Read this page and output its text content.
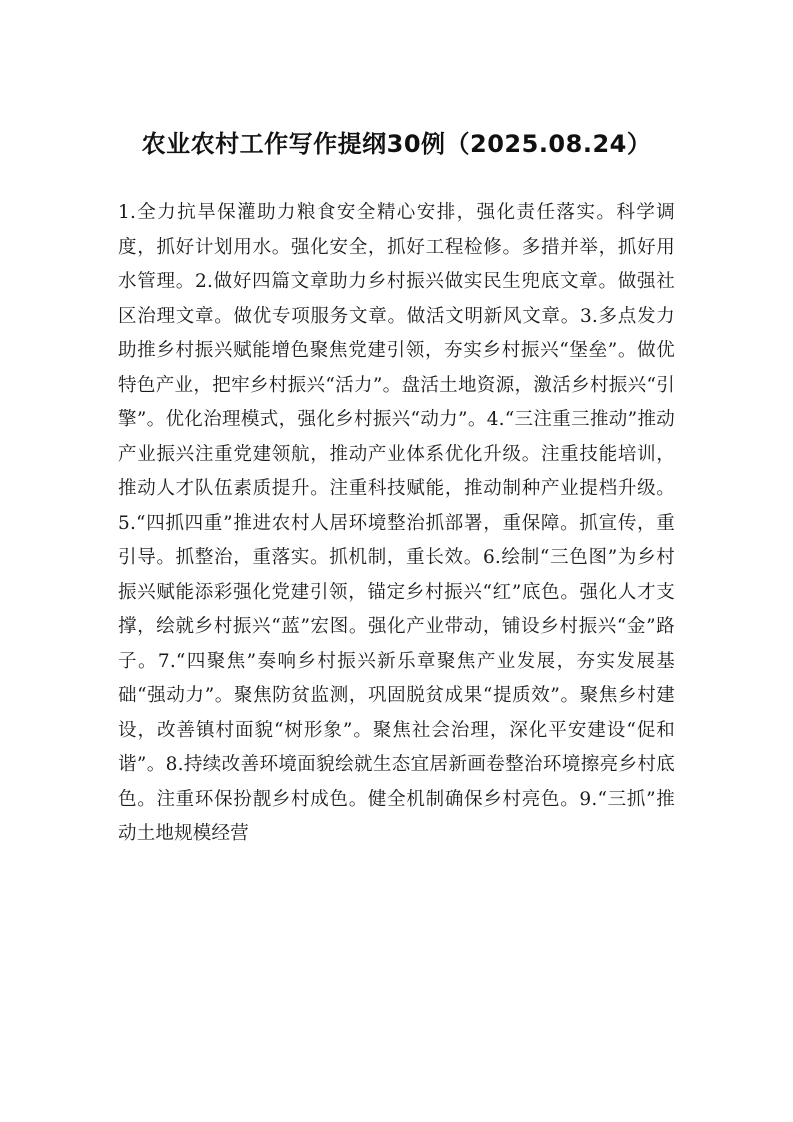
农业农村工作写作提纲30例（2025.08.24）
1.全力抗旱保灌助力粮食安全精心安排，强化责任落实。科学调度，抓好计划用水。强化安全，抓好工程检修。多措并举，抓好用水管理。2.做好四篇文章助力乡村振兴做实民生兜底文章。做强社区治理文章。做优专项服务文章。做活文明新风文章。3.多点发力助推乡村振兴赋能增色聚焦党建引领，夯实乡村振兴“堡垒”。做优特色产业，把牢乡村振兴“活力”。盘活土地资源，激活乡村振兴“引擎”。优化治理模式，强化乡村振兴“动力”。4.“三注重三推动”推动产业振兴注重党建领航，推动产业体系优化升级。注重技能培训，推动人才队伍素质提升。注重科技赋能，推动制种产业提档升级。5.“四抓四重”推进农村人居环境整治抓部署，重保障。抓宣传，重引导。抓整治，重落实。抓机制，重长效。6.绘制“三色图”为乡村振兴赋能添彩强化党建引领，锚定乡村振兴“红”底色。强化人才支撑，绘就乡村振兴“蓝”宏图。强化产业带动，铺设乡村振兴“金”路子。7.“四聚焦”奏响乡村振兴新乐章聚焦产业发展，夯实发展基础“强动力”。聚焦防贫监测，巩固脱贫成果“提质效”。聚焦乡村建设，改善镇村面貌“树形象”。聚焦社会治理，深化平安建设“促和谐”。8.持续改善环境面貌绘就生态宜居新画卷整治环境擦亮乡村底色。注重环保扮靓乡村成色。健全机制确保乡村亮色。9.“三抓”推动土地规模经营
